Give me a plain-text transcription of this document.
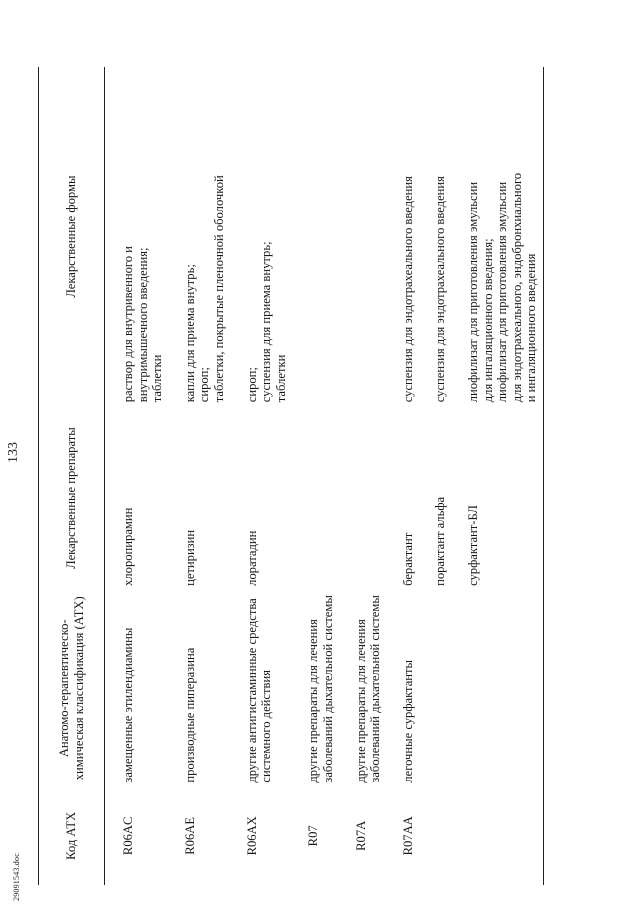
29091543.doc
133
Код АТХ	Анатомо-терапевтическо-химическая классификация (АТХ)	Лекарственные препараты	Лекарственные формы
R06AC	замещенные этилендиамины	хлоропирамин	раствор для внутривенного и внутримышечного введения; таблетки

R06AE	производные пиперазина	цетиризин	капли для приема внутрь; сироп; таблетки, покрытые пленочной оболочкой

R06AX	другие антигистаминные средства системного действия	лоратадин	сироп; суспензия для приема внутрь; таблетки

R07	другие препараты для лечения заболеваний дыхательной системы		
R07A	другие препараты для лечения заболеваний дыхательной системы		
R07AA	легочные сурфактанты	берактант	суспензия для эндотрахеального введения

		порактант альфа	суспензия для эндотрахеального введения

		сурфактант-БЛ	лиофилизат для приготовления эмульсии для ингаляционного введения; лиофилизат для приготовления эмульсии для эндотрахеального, эндобронхиального и ингаляционного введения
